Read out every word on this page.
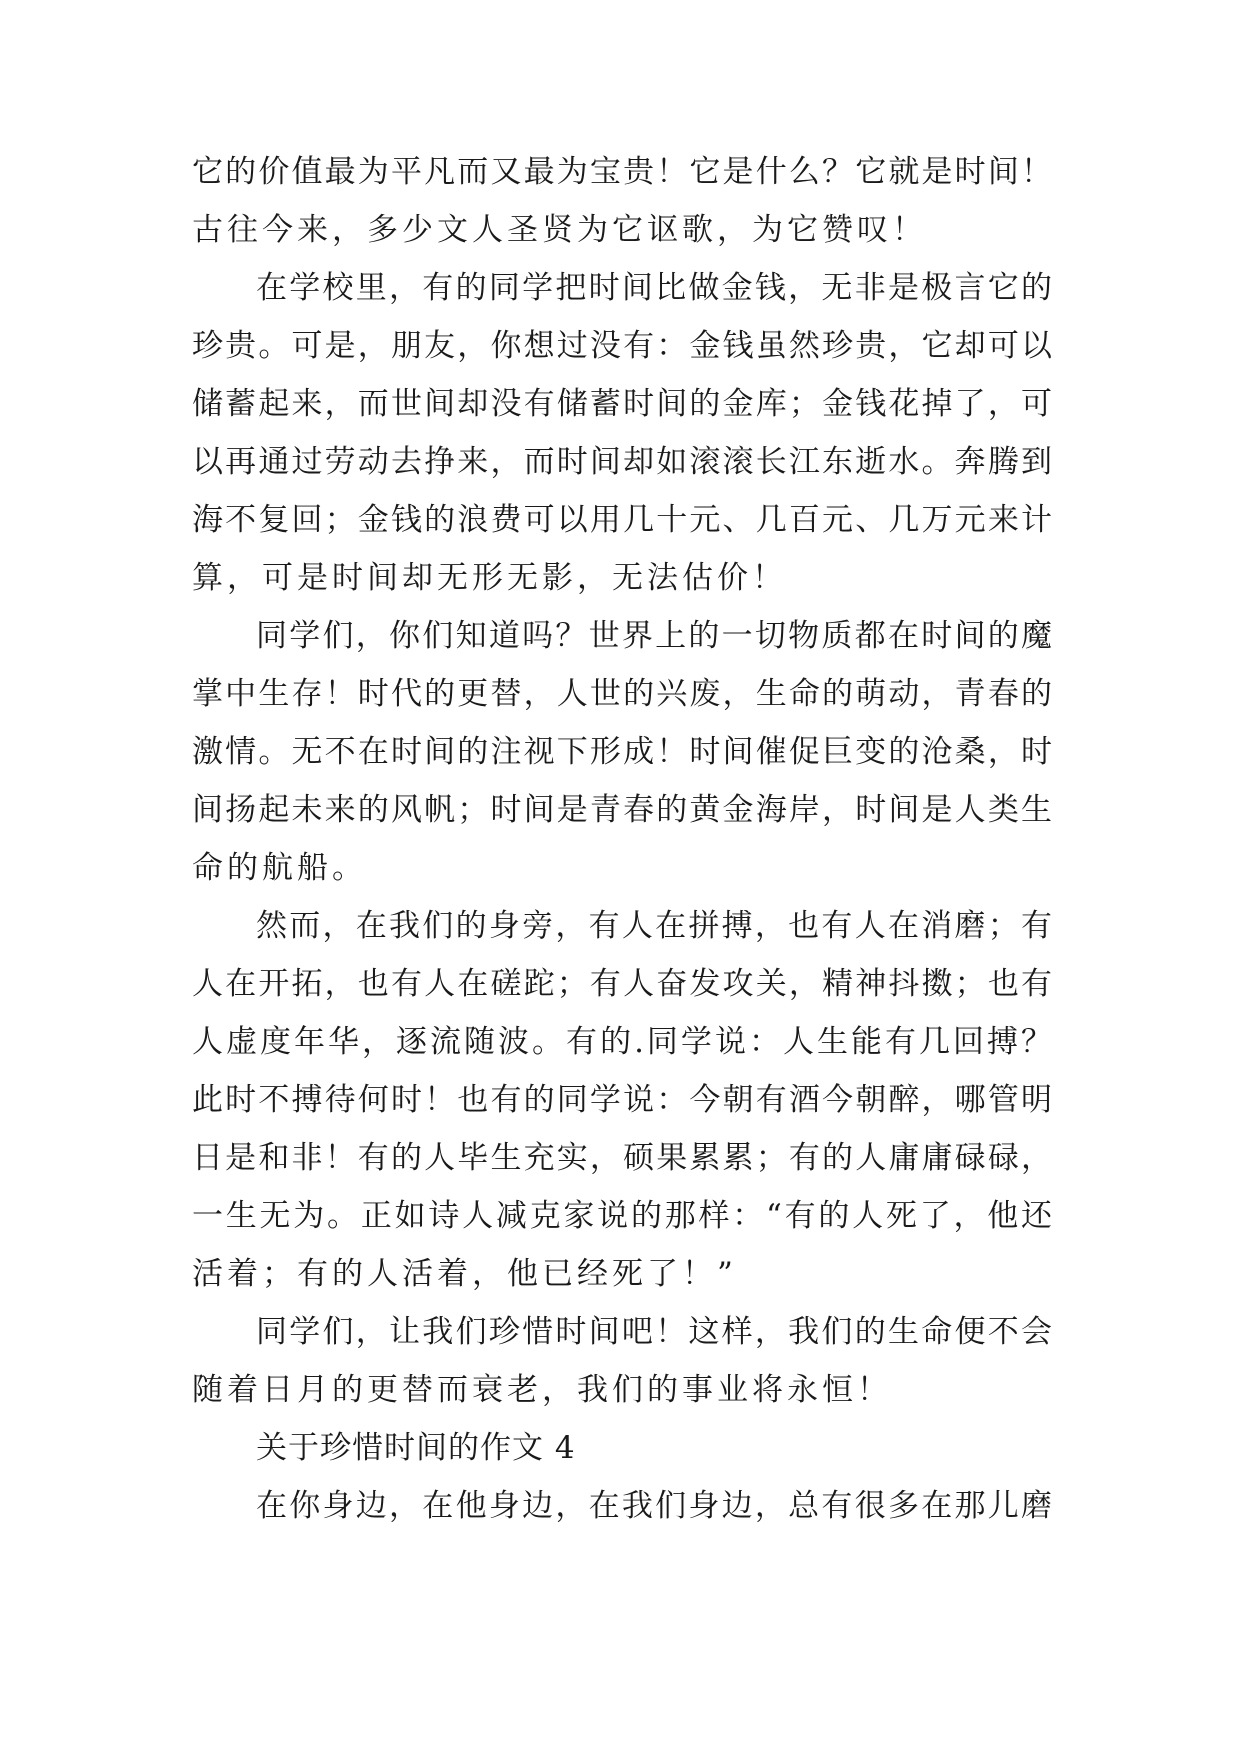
它的价值最为平凡而又最为宝贵！它是什么？它就是时间！
古往今来，多少文人圣贤为它讴歌，为它赞叹！
在学校里，有的同学把时间比做金钱，无非是极言它的
珍贵。可是，朋友，你想过没有：金钱虽然珍贵，它却可以
储蓄起来，而世间却没有储蓄时间的金库；金钱花掉了，可
以再通过劳动去挣来，而时间却如滚滚长江东逝水。奔腾到
海不复回；金钱的浪费可以用几十元、几百元、几万元来计
算，可是时间却无形无影，无法估价！
同学们，你们知道吗？世界上的一切物质都在时间的魔
掌中生存！时代的更替，人世的兴废，生命的萌动，青春的
激情。无不在时间的注视下形成！时间催促巨变的沧桑，时
间扬起未来的风帆；时间是青春的黄金海岸，时间是人类生
命的航船。
然而，在我们的身旁，有人在拼搏，也有人在消磨；有
人在开拓，也有人在磋跎；有人奋发攻关，精神抖擞；也有
人虚度年华，逐流随波。有的.同学说：人生能有几回搏？
此时不搏待何时！也有的同学说：今朝有酒今朝醉，哪管明
日是和非！有的人毕生充实，硕果累累；有的人庸庸碌碌，
一生无为。正如诗人减克家说的那样：“有的人死了，他还
活着；有的人活着，他已经死了！”
同学们，让我们珍惜时间吧！这样，我们的生命便不会
随着日月的更替而衰老，我们的事业将永恒！
关于珍惜时间的作文 4
在你身边，在他身边，在我们身边，总有很多在那儿磨
